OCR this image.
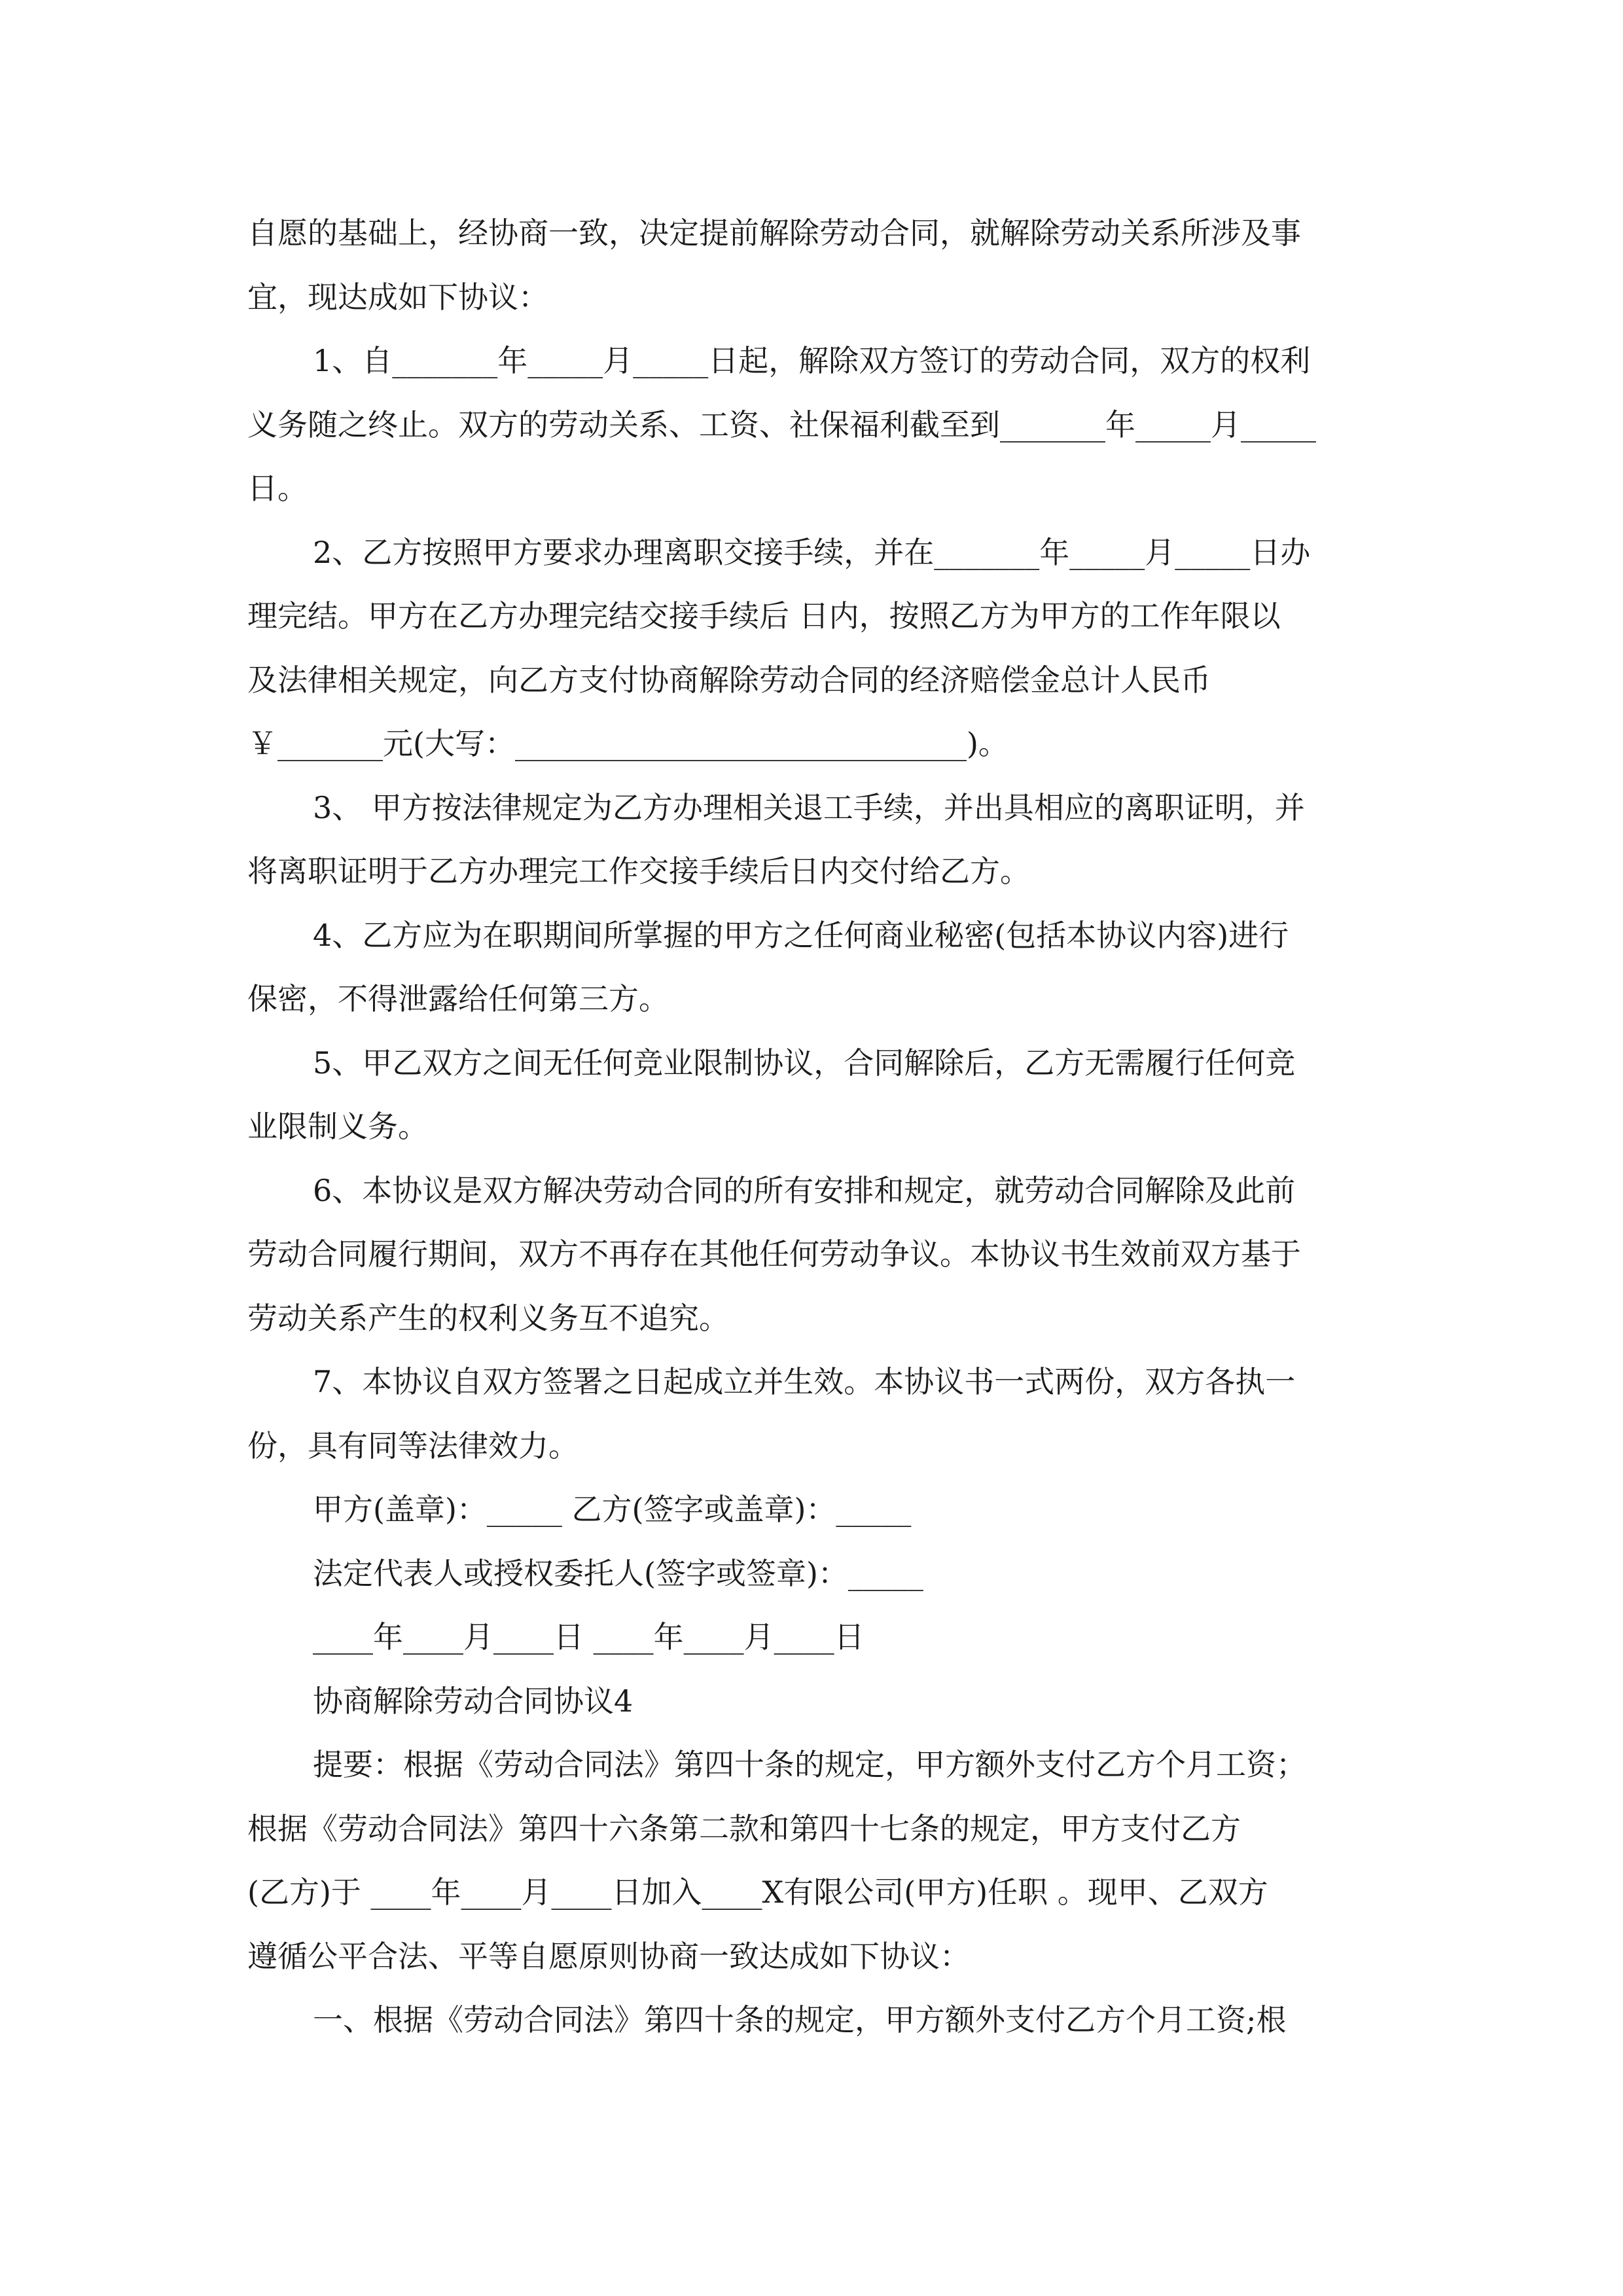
自愿的基础上，经协商一致，决定提前解除劳动合同，就解除劳动关系所涉及事
宜，现达成如下协议：
1、自_______年_____月_____日起，解除双方签订的劳动合同，双方的权利
义务随之终止。双方的劳动关系、工资、社保福利截至到_______年_____月_____
日。
2、乙方按照甲方要求办理离职交接手续，并在_______年_____月_____日办
理完结。甲方在乙方办理完结交接手续后 日内，按照乙方为甲方的工作年限以
及法律相关规定，向乙方支付协商解除劳动合同的经济赔偿金总计人民币
￥_______元(大写：______________________________)。
3、 甲方按法律规定为乙方办理相关退工手续，并出具相应的离职证明，并
将离职证明于乙方办理完工作交接手续后日内交付给乙方。
4、乙方应为在职期间所掌握的甲方之任何商业秘密(包括本协议内容)进行
保密，不得泄露给任何第三方。
5、甲乙双方之间无任何竞业限制协议，合同解除后，乙方无需履行任何竞
业限制义务。
6、本协议是双方解决劳动合同的所有安排和规定，就劳动合同解除及此前
劳动合同履行期间，双方不再存在其他任何劳动争议。本协议书生效前双方基于
劳动关系产生的权利义务互不追究。
7、本协议自双方签署之日起成立并生效。本协议书一式两份，双方各执一
份，具有同等法律效力。
甲方(盖章)：_____ 乙方(签字或盖章)：_____
法定代表人或授权委托人(签字或签章)：_____
____年____月____日 ____年____月____日
协商解除劳动合同协议4
提要：根据《劳动合同法》第四十条的规定，甲方额外支付乙方个月工资；
根据《劳动合同法》第四十六条第二款和第四十七条的规定，甲方支付乙方
(乙方)于 ____年____月____日加入____X有限公司(甲方)任职 。现甲、乙双方
遵循公平合法、平等自愿原则协商一致达成如下协议：
一、根据《劳动合同法》第四十条的规定，甲方额外支付乙方个月工资;根
